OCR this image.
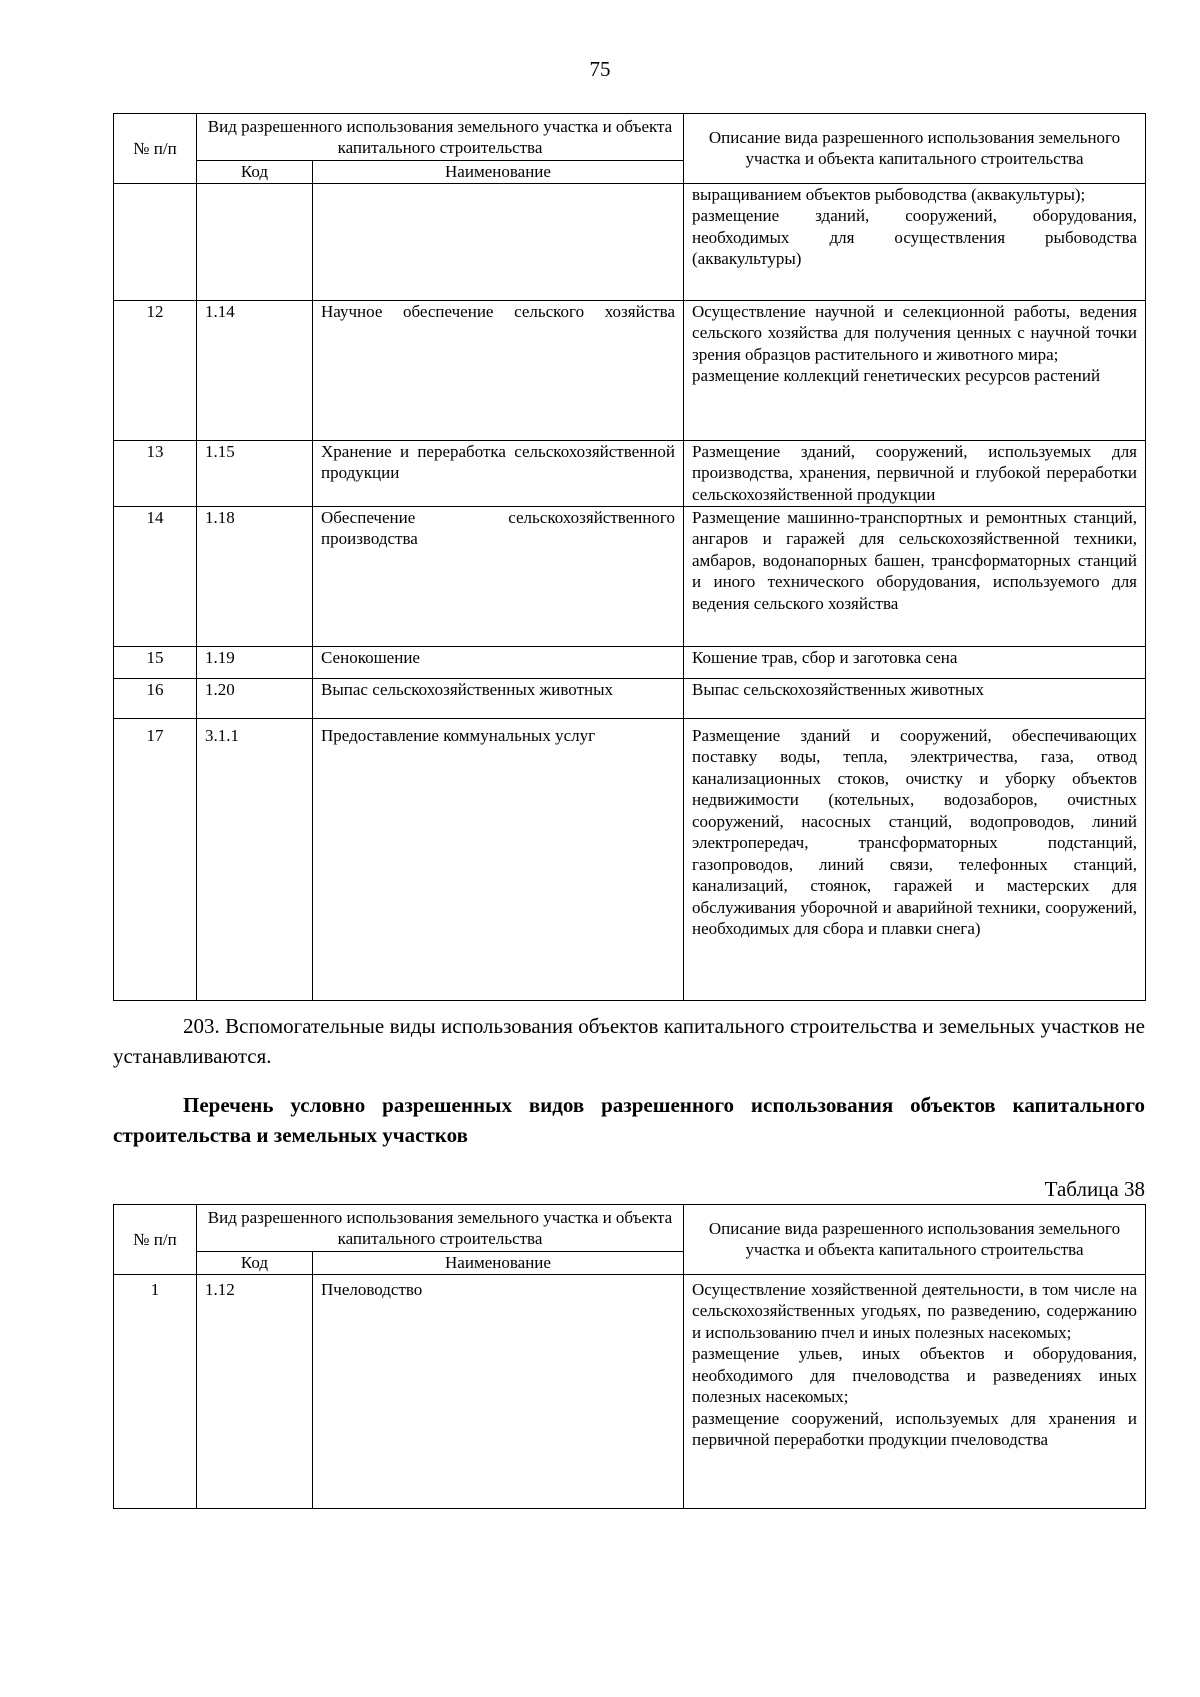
75
№ п/п	Вид разрешенного использования земельного участка и объекта капитального строительства		Описание вида разрешенного использования земельного участка и объекта капитального строительства
	Код	Наименование	
			выращиванием объектов рыбоводства (аквакультуры);
размещение зданий, сооружений, оборудования, необходимых для осуществления рыбоводства (аквакультуры)
12	1.14	Научное обеспечение сельского хозяйства	Осуществление научной и селекционной работы, ведения сельского хозяйства для получения ценных с научной точки зрения образцов растительного и животного мира;
размещение коллекций генетических ресурсов растений
13	1.15	Хранение и переработка сельскохозяйственной продукции	Размещение зданий, сооружений, используемых для производства, хранения, первичной и глубокой переработки сельскохозяйственной продукции
14	1.18	Обеспечение сельскохозяйственного производства	Размещение машинно-транспортных и ремонтных станций, ангаров и гаражей для сельскохозяйственной техники, амбаров, водонапорных башен, трансформаторных станций и иного технического оборудования, используемого для ведения сельского хозяйства
15	1.19	Сенокошение	Кошение трав, сбор и заготовка сена
16	1.20	Выпас сельскохозяйственных животных	Выпас сельскохозяйственных животных
17	3.1.1	Предоставление коммунальных услуг	Размещение зданий и сооружений, обеспечивающих поставку воды, тепла, электричества, газа, отвод канализационных стоков, очистку и уборку объектов недвижимости (котельных, водозаборов, очистных сооружений, насосных станций, водопроводов, линий электропередач, трансформаторных подстанций, газопроводов, линий связи, телефонных станций, канализаций, стоянок, гаражей и мастерских для обслуживания уборочной и аварийной техники, сооружений, необходимых для сбора и плавки снега)

203. Вспомогательные виды использования объектов капитального строительства и земельных участков не устанавливаются.

Перечень условно разрешенных видов разрешенного использования объектов капитального строительства и земельных участков

Таблица 38
№ п/п	Вид разрешенного использования земельного участка и объекта капитального строительства		Описание вида разрешенного использования земельного участка и объекта капитального строительства
	Код	Наименование	
1	1.12	Пчеловодство	Осуществление хозяйственной деятельности, в том числе на сельскохозяйственных угодьях, по разведению, содержанию и использованию пчел и иных полезных насекомых;
размещение ульев, иных объектов и оборудования, необходимого для пчеловодства и разведениях иных полезных насекомых;
размещение сооружений, используемых для хранения и первичной переработки продукции пчеловодства
